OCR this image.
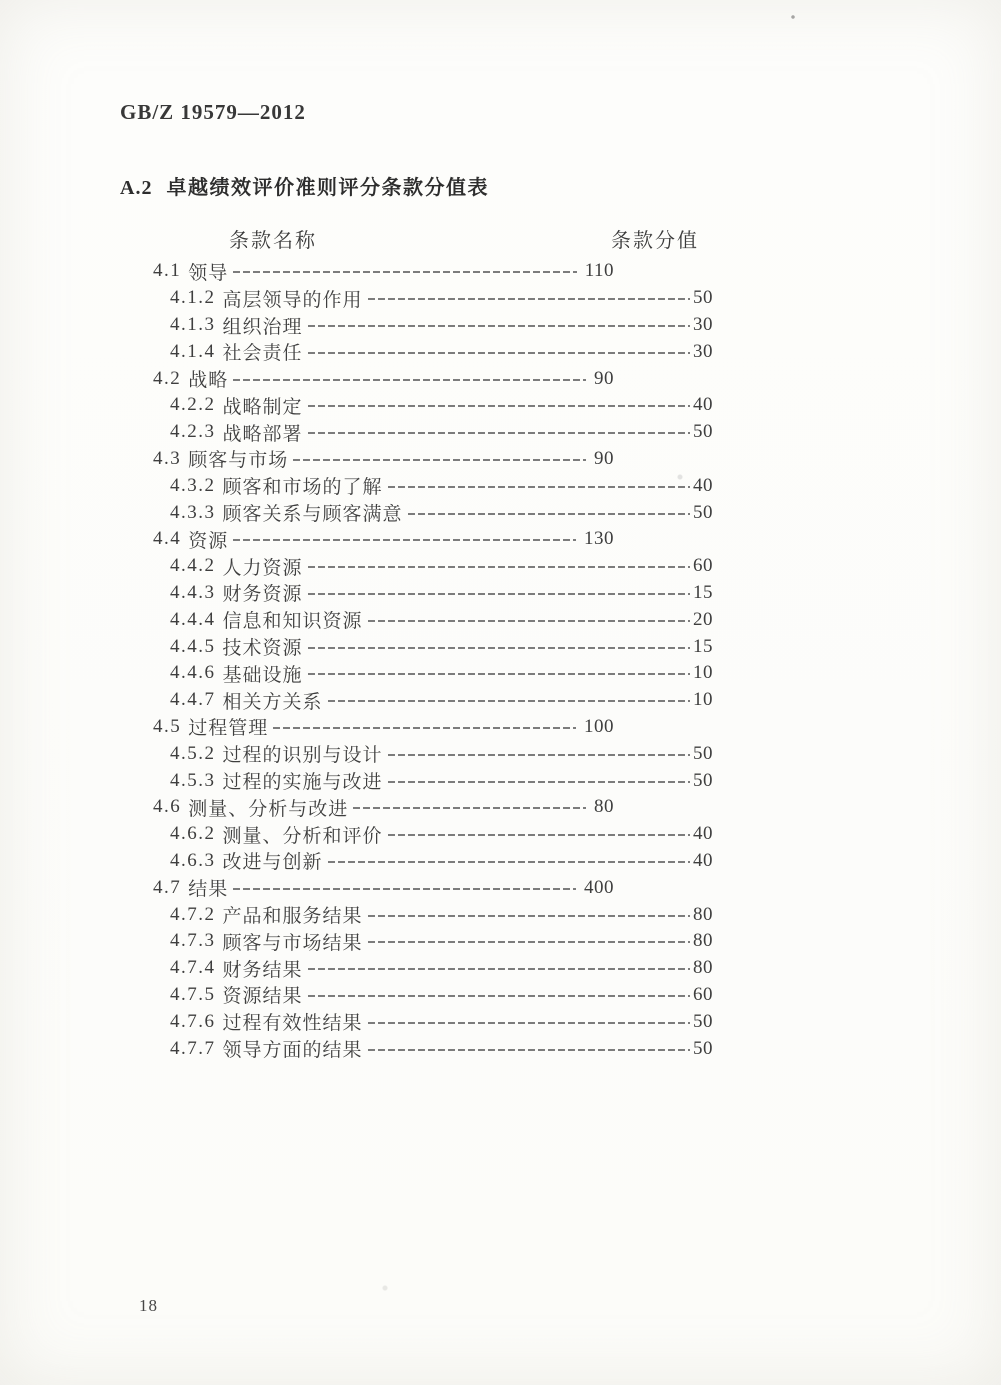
GB/Z 19579—2012
A.2 卓越绩效评价准则评分条款分值表
条款名称	条款分值
4.1 领导	110
4.1.2 高层领导的作用	50
4.1.3 组织治理	30
4.1.4 社会责任	30
4.2 战略	90
4.2.2 战略制定	40
4.2.3 战略部署	50
4.3 顾客与市场	90
4.3.2 顾客和市场的了解	40
4.3.3 顾客关系与顾客满意	50
4.4 资源	130
4.4.2 人力资源	60
4.4.3 财务资源	15
4.4.4 信息和知识资源	20
4.4.5 技术资源	15
4.4.6 基础设施	10
4.4.7 相关方关系	10
4.5 过程管理	100
4.5.2 过程的识别与设计	50
4.5.3 过程的实施与改进	50
4.6 测量、分析与改进	80
4.6.2 测量、分析和评价	40
4.6.3 改进与创新	40
4.7 结果	400
4.7.2 产品和服务结果	80
4.7.3 顾客与市场结果	80
4.7.4 财务结果	80
4.7.5 资源结果	60
4.7.6 过程有效性结果	50
4.7.7 领导方面的结果	50
18
